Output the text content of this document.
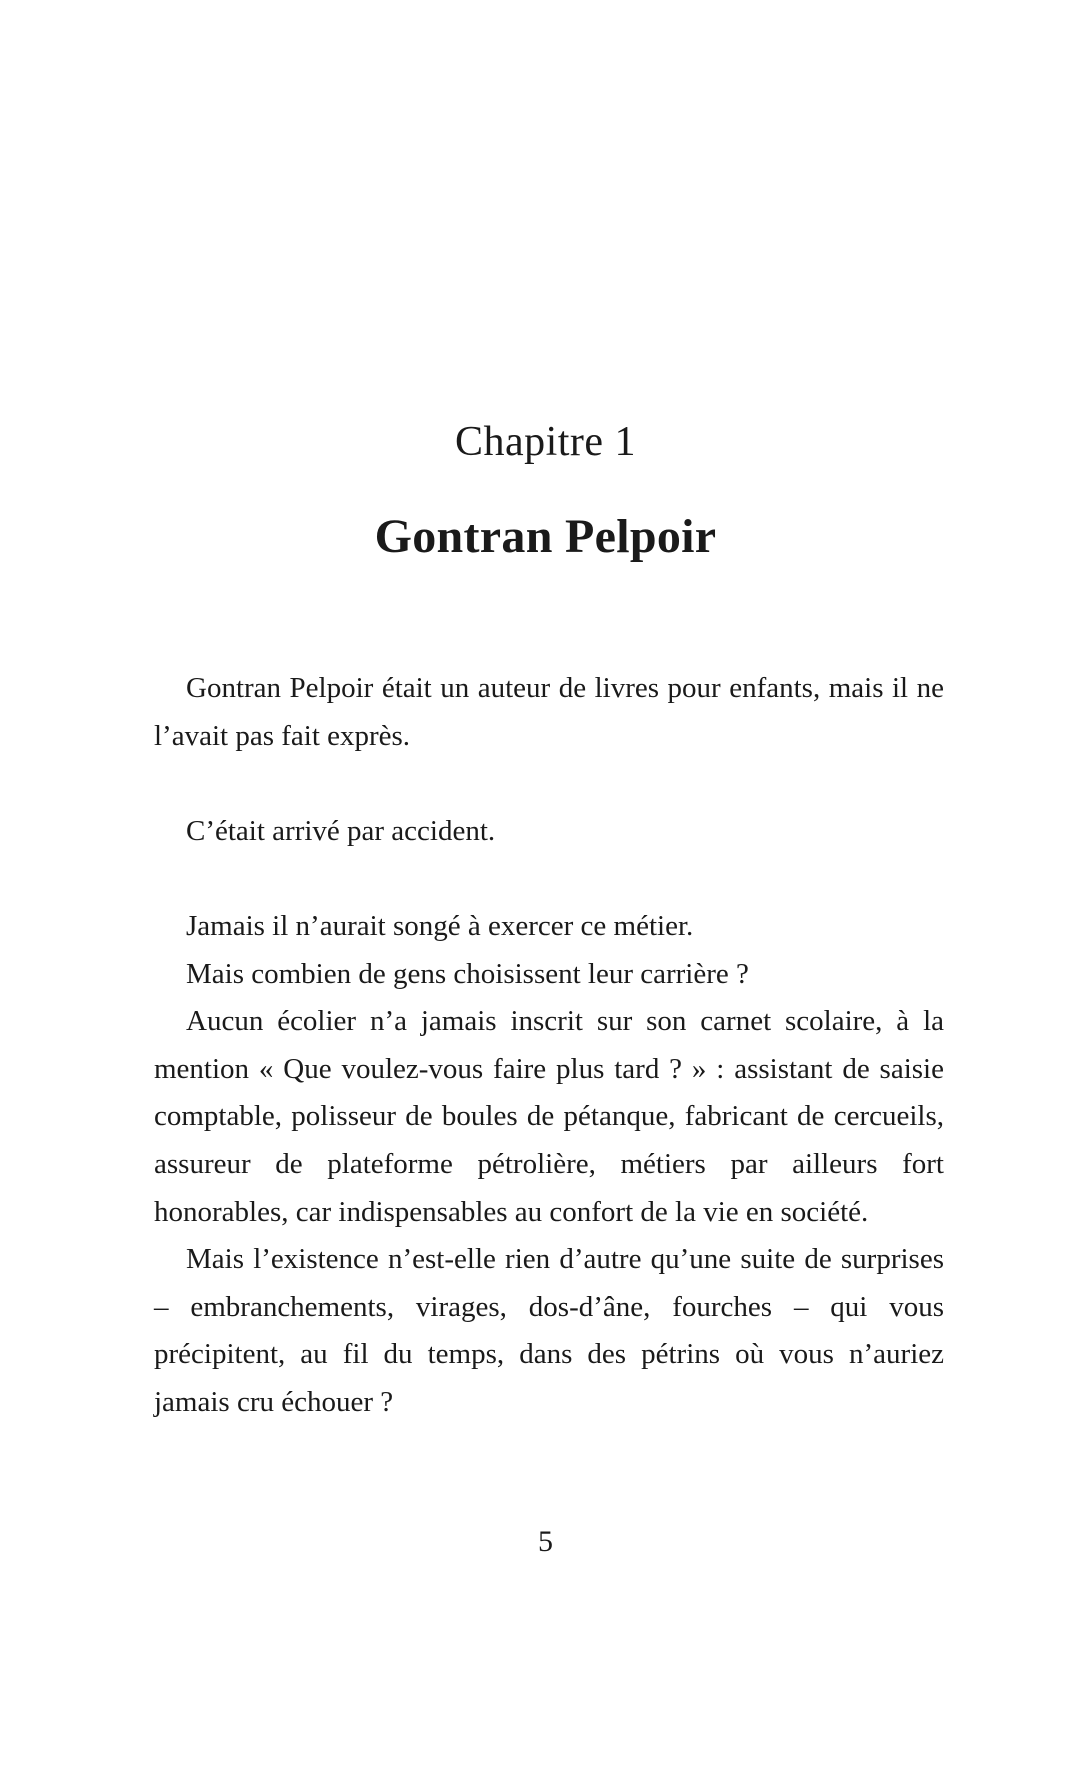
Chapitre 1
Gontran Pelpoir

Gontran Pelpoir était un auteur de livres pour enfants, mais il ne l’avait pas fait exprès.

C’était arrivé par accident.

Jamais il n’aurait songé à exercer ce métier.

Mais combien de gens choisissent leur carrière ?

Aucun écolier n’a jamais inscrit sur son carnet scolaire, à la mention « Que voulez-vous faire plus tard ? » : assistant de saisie comptable, polisseur de boules de pétanque, fabricant de cercueils, assureur de plateforme pétrolière, métiers par ailleurs fort honorables, car indispensables au confort de la vie en société.

Mais l’existence n’est-elle rien d’autre qu’une suite de surprises – embranchements, virages, dos-d’âne, fourches – qui vous précipitent, au fil du temps, dans des pétrins où vous n’auriez jamais cru échouer ?

5
